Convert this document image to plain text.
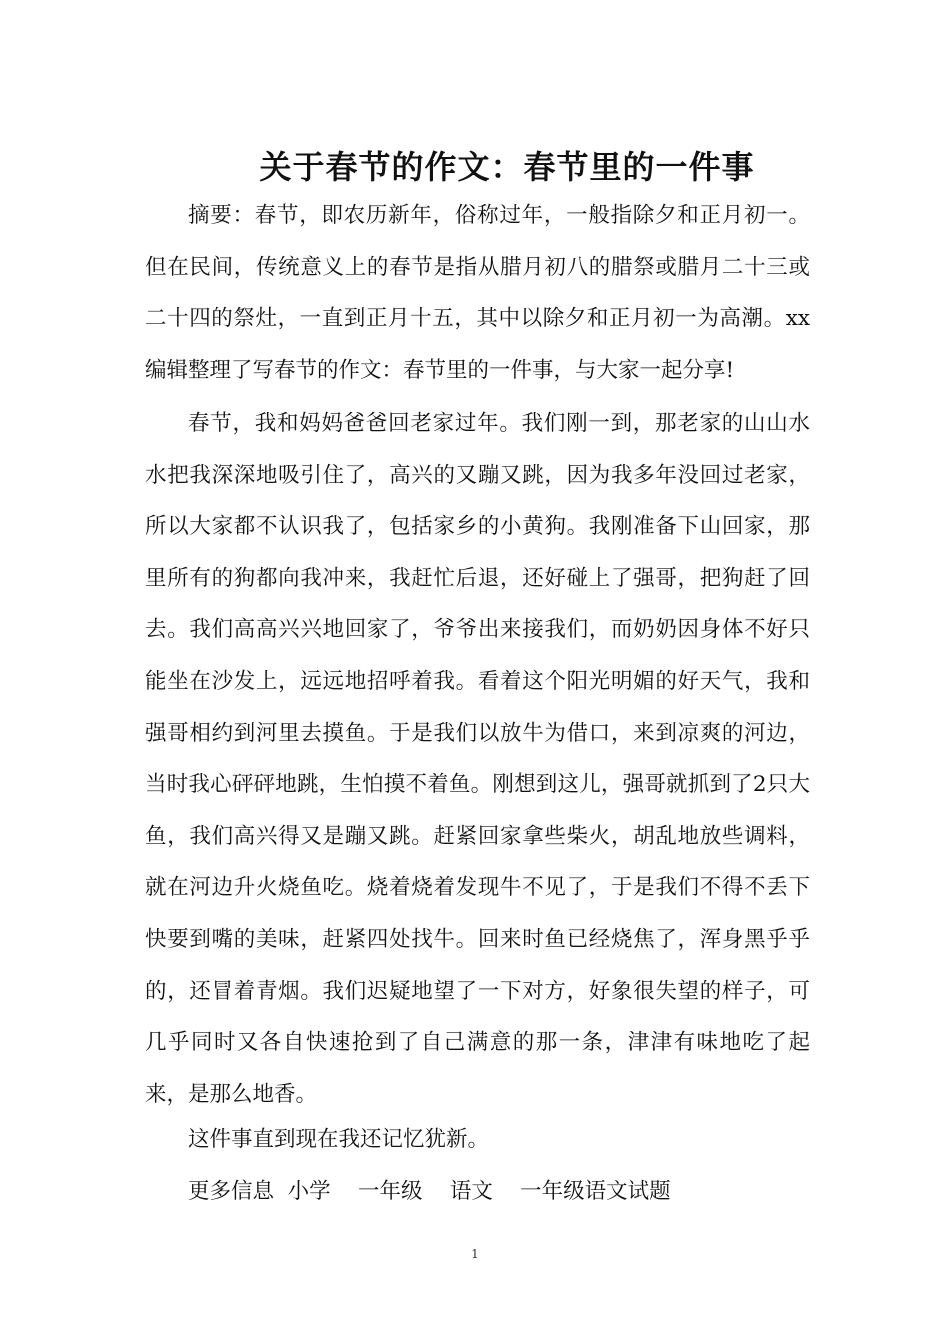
关于春节的作文：春节里的一件事

摘要：春节，即农历新年，俗称过年，一般指除夕和正月初一。但在民间，传统意义上的春节是指从腊月初八的腊祭或腊月二十三或二十四的祭灶，一直到正月十五，其中以除夕和正月初一为高潮。xx编辑整理了写春节的作文：春节里的一件事，与大家一起分享!

春节，我和妈妈爸爸回老家过年。我们刚一到，那老家的山山水水把我深深地吸引住了，高兴的又蹦又跳，因为我多年没回过老家，所以大家都不认识我了，包括家乡的小黄狗。我刚准备下山回家，那里所有的狗都向我冲来，我赶忙后退，还好碰上了强哥，把狗赶了回去。我们高高兴兴地回家了，爷爷出来接我们，而奶奶因身体不好只能坐在沙发上，远远地招呼着我。看着这个阳光明媚的好天气，我和强哥相约到河里去摸鱼。于是我们以放牛为借口，来到凉爽的河边，当时我心砰砰地跳，生怕摸不着鱼。刚想到这儿，强哥就抓到了2只大鱼，我们高兴得又是蹦又跳。赶紧回家拿些柴火，胡乱地放些调料，就在河边升火烧鱼吃。烧着烧着发现牛不见了，于是我们不得不丢下快要到嘴的美味，赶紧四处找牛。回来时鱼已经烧焦了，浑身黑乎乎的，还冒着青烟。我们迟疑地望了一下对方，好象很失望的样子，可几乎同时又各自快速抢到了自己满意的那一条，津津有味地吃了起来，是那么地香。

这件事直到现在我还记忆犹新。

更多信息  小学    一年级    语文    一年级语文试题

1
